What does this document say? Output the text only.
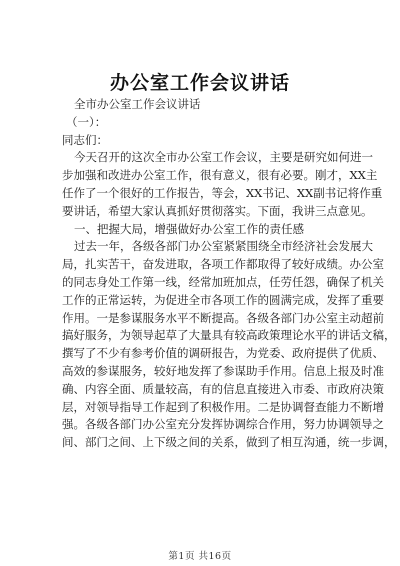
办公室工作会议讲话
全市办公室工作会议讲话
（一）：
同志们：
今天召开的这次全市办公室工作会议，主要是研究如何进一
步加强和改进办公室工作，很有意义，很有必要。刚才，XX主
任作了一个很好的工作报告，等会，XX书记、XX副书记将作重
要讲话，希望大家认真抓好贯彻落实。下面，我讲三点意见。
一、把握大局，增强做好办公室工作的责任感
过去一年，各级各部门办公室紧紧围绕全市经济社会发展大
局，扎实苦干，奋发进取，各项工作都取得了较好成绩。办公室
的同志身处工作第一线，经常加班加点，任劳任怨，确保了机关
工作的正常运转，为促进全市各项工作的圆满完成，发挥了重要
作用。一是参谋服务水平不断提高。各级各部门办公室主动超前
搞好服务，为领导起草了大量具有较高政策理论水平的讲话文稿，
撰写了不少有参考价值的调研报告，为党委、政府提供了优质、
高效的参谋服务，较好地发挥了参谋助手作用。信息上报及时准
确、内容全面、质量较高，有的信息直接进入市委、市政府决策
层，对领导指导工作起到了积极作用。二是协调督查能力不断增
强。各级各部门办公室充分发挥协调综合作用，努力协调领导之
间、部门之间、上下级之间的关系，做到了相互沟通，统一步调，
第1页 共16页
